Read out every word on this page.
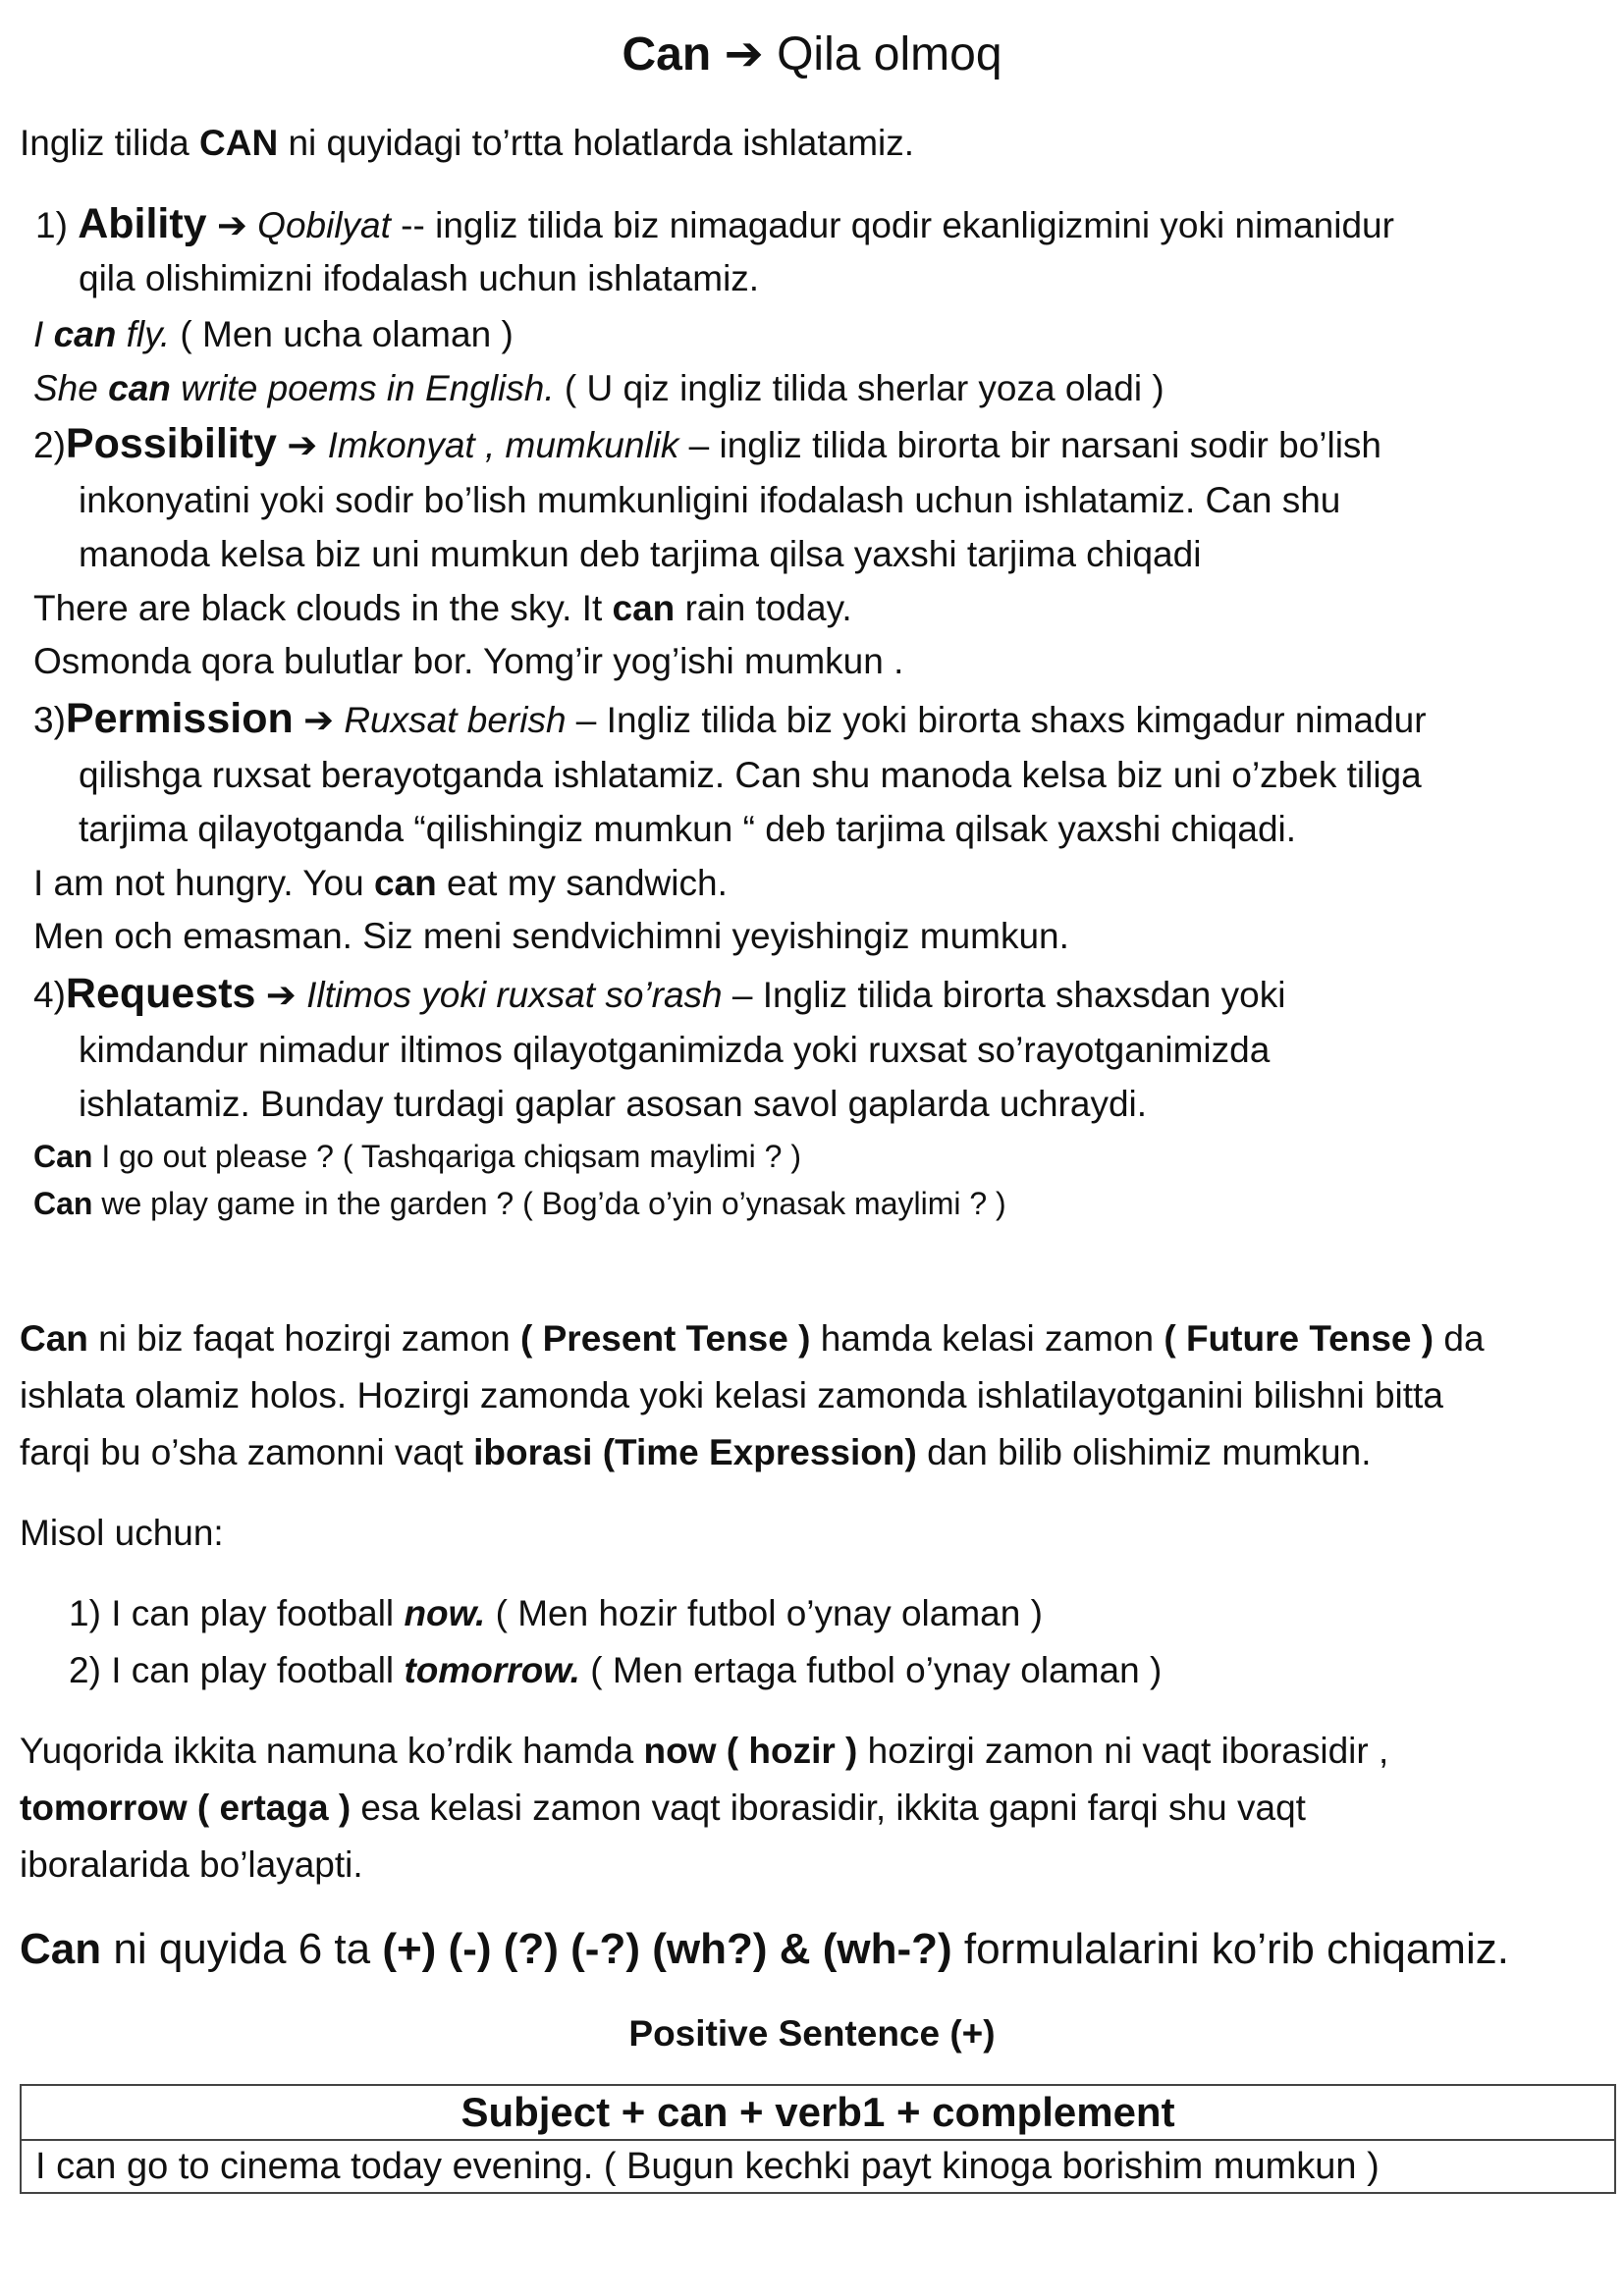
Can ➔ Qila olmoq
Ingliz tilida CAN ni quyidagi to’rtta holatlarda ishlatamiz.
1) Ability ➔ Qobilyat -- ingliz tilida biz nimagadur qodir ekanligizmini yoki nimanidur
qila olishimizni ifodalash uchun ishlatamiz.
I can fly. ( Men ucha olaman )
She can write poems in English. ( U qiz ingliz tilida sherlar yoza oladi )
2)Possibility ➔ Imkonyat , mumkunlik – ingliz tilida birorta bir narsani sodir bo’lish
inkonyatini yoki sodir bo’lish mumkunligini ifodalash uchun ishlatamiz. Can shu
manoda kelsa biz uni mumkun deb tarjima qilsa yaxshi tarjima chiqadi
There are black clouds in the sky. It can rain today.
Osmonda qora bulutlar bor. Yomg’ir yog’ishi mumkun .
3)Permission ➔ Ruxsat berish – Ingliz tilida biz yoki birorta shaxs kimgadur nimadur
qilishga ruxsat berayotganda ishlatamiz. Can shu manoda kelsa biz uni o’zbek tiliga
tarjima qilayotganda “qilishingiz mumkun “ deb tarjima qilsak yaxshi chiqadi.
I am not hungry. You can eat my sandwich.
Men och emasman. Siz meni sendvichimni yeyishingiz mumkun.
4)Requests ➔ Iltimos yoki ruxsat so’rash – Ingliz tilida birorta shaxsdan yoki
kimdandur nimadur iltimos qilayotganimizda yoki ruxsat so’rayotganimizda
ishlatamiz. Bunday turdagi gaplar asosan savol gaplarda uchraydi.
Can I go out please ? ( Tashqariga chiqsam maylimi ? )
Can we play game in the garden ? ( Bog’da o’yin o’ynasak maylimi ? )
Can ni biz faqat hozirgi zamon ( Present Tense ) hamda kelasi zamon ( Future Tense ) da
ishlata olamiz holos. Hozirgi zamonda yoki kelasi zamonda ishlatilayotganini bilishni bitta
farqi bu o’sha zamonni vaqt iborasi (Time Expression) dan bilib olishimiz mumkun.
Misol uchun:
1) I can play football now. ( Men hozir futbol o’ynay olaman )
2) I can play football tomorrow. ( Men ertaga futbol o’ynay olaman )
Yuqorida ikkita namuna ko’rdik hamda now ( hozir ) hozirgi zamon ni vaqt iborasidir ,
tomorrow ( ertaga ) esa kelasi zamon vaqt iborasidir, ikkita gapni farqi shu vaqt
iboralarida bo’layapti.
Can ni quyida 6 ta (+) (-) (?) (-?) (wh?) & (wh-?) formulalarini ko’rib chiqamiz.
Positive Sentence (+)
Subject + can + verb1 + complement
I can go to cinema today evening. ( Bugun kechki payt kinoga borishim mumkun )
